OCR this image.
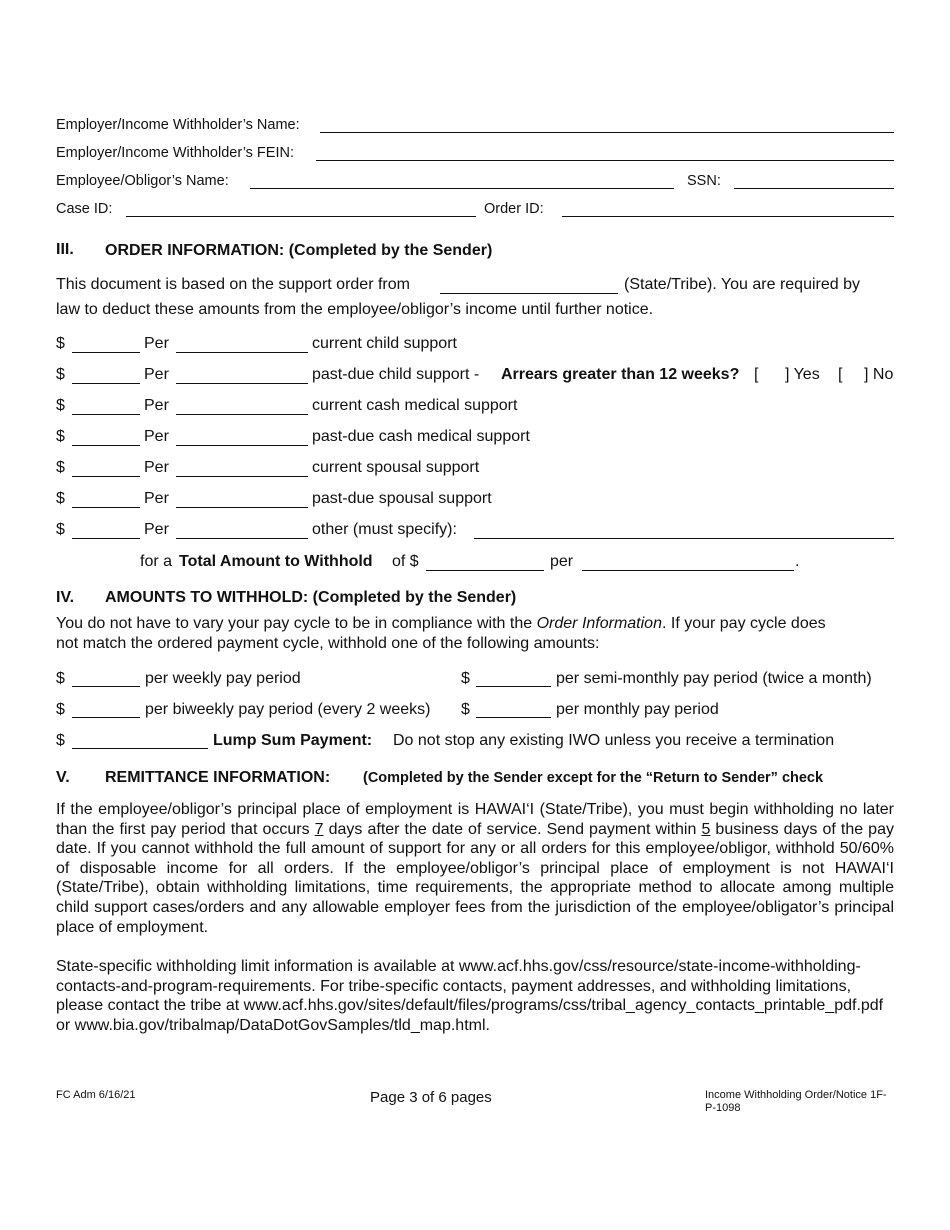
Employer/Income Withholder’s Name:
Employer/Income Withholder’s FEIN:
Employee/Obligor’s Name:	SSN:
Case ID:	Order ID:
III. ORDER INFORMATION: (Completed by the Sender)
This document is based on the support order from	(State/Tribe). You are required by
law to deduct these amounts from the employee/obligor’s income until further notice.
$	Per	current child support
$	Per	past-due child support - Arrears greater than 12 weeks? [ ] Yes [ ] No
$	Per	current cash medical support
$	Per	past-due cash medical support
$	Per	current spousal support
$	Per	past-due spousal support
$	Per	other (must specify):
for a Total Amount to Withhold of $	per	.
IV. AMOUNTS TO WITHHOLD: (Completed by the Sender)
You do not have to vary your pay cycle to be in compliance with the Order Information. If your pay cycle does
not match the ordered payment cycle, withhold one of the following amounts:
$	per weekly pay period	$	per semi-monthly pay period (twice a month)
$	per biweekly pay period (every 2 weeks) $	per monthly pay period
$	Lump Sum Payment: Do not stop any existing IWO unless you receive a termination
V. REMITTANCE INFORMATION: (Completed by the Sender except for the “Return to Sender” check
If the employee/obligor’s principal place of employment is HAWAI‘I (State/Tribe), you must begin withholding no later than the first pay period that occurs 7 days after the date of service. Send payment within 5 business days of the pay date. If you cannot withhold the full amount of support for any or all orders for this employee/obligor, withhold 50/60% of disposable income for all orders. If the employee/obligor’s principal place of employment is not HAWAI‘I (State/Tribe), obtain withholding limitations, time requirements, the appropriate method to allocate among multiple child support cases/orders and any allowable employer fees from the jurisdiction of the employee/obligator’s principal place of employment.
State-specific withholding limit information is available at www.acf.hhs.gov/css/resource/state-income-withholding-contacts-and-program-requirements. For tribe-specific contacts, payment addresses, and withholding limitations, please contact the tribe at www.acf.hhs.gov/sites/default/files/programs/css/tribal_agency_contacts_printable_pdf.pdf or www.bia.gov/tribalmap/DataDotGovSamples/tld_map.html.
FC Adm 6/16/21	Page 3 of 6 pages	Income Withholding Order/Notice 1F-
P-1098
